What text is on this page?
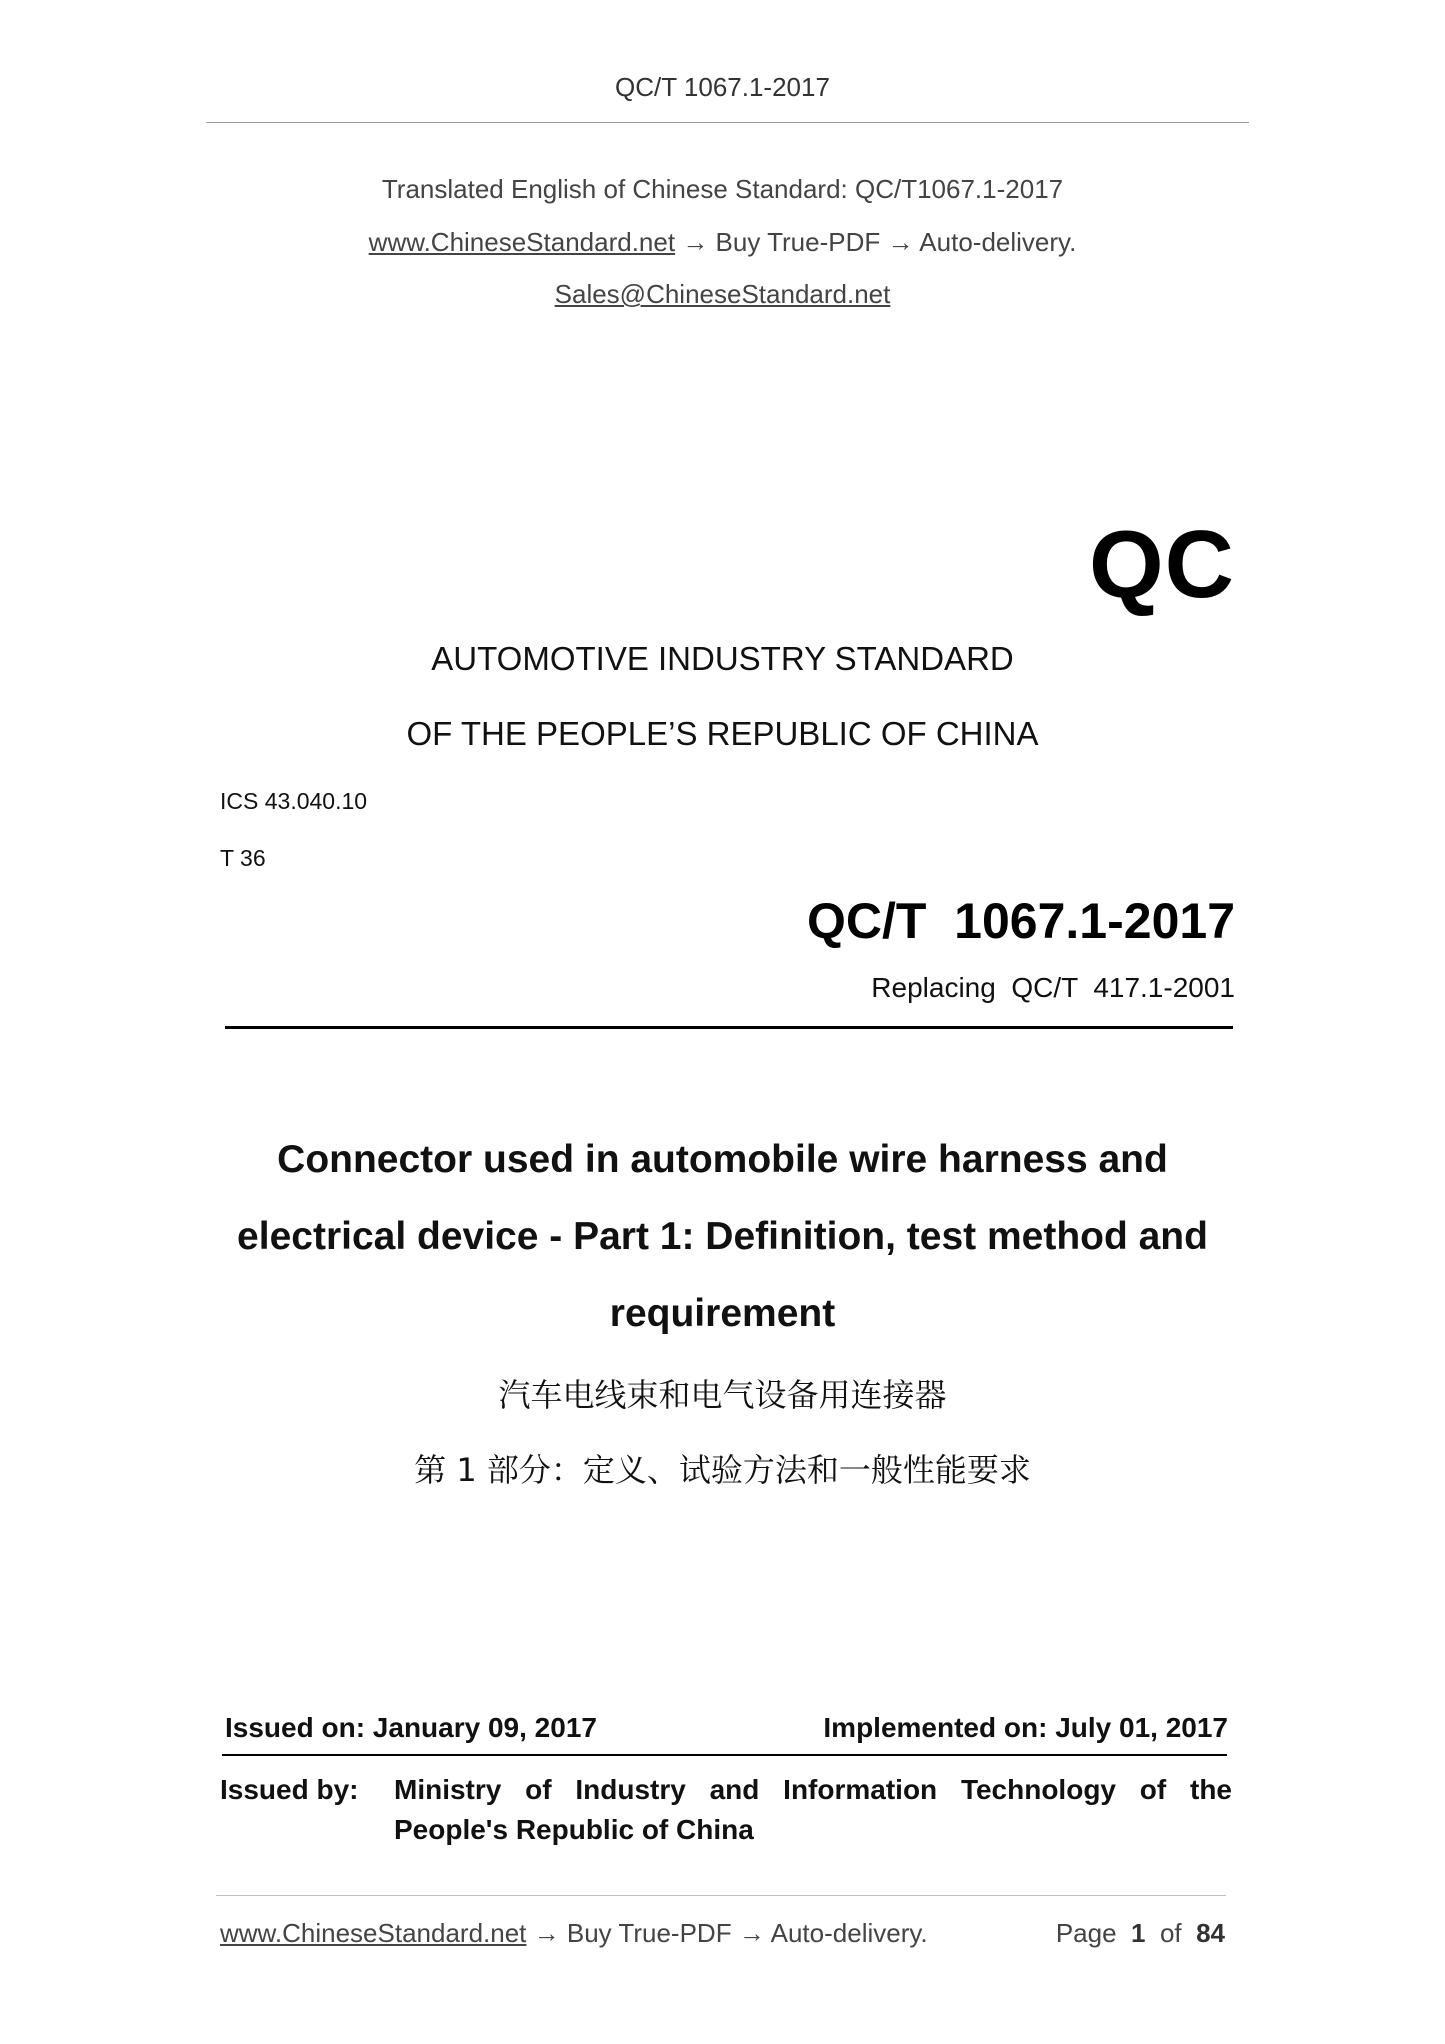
QC/T 1067.1-2017
Translated English of Chinese Standard: QC/T1067.1-2017
www.ChineseStandard.net → Buy True-PDF → Auto-delivery.
Sales@ChineseStandard.net
QC
AUTOMOTIVE INDUSTRY STANDARD
OF THE PEOPLE’S REPUBLIC OF CHINA
ICS 43.040.10
T 36
QC/T  1067.1-2017
Replacing  QC/T  417.1-2001
Connector used in automobile wire harness and
electrical device - Part 1: Definition, test method and
requirement
汽车电线束和电气设备用连接器
第 1 部分：定义、试验方法和一般性能要求
Issued on: January 09, 2017	Implemented on: July 01, 2017
Issued by: Ministry of Industry and Information Technology of the People's Republic of China
www.ChineseStandard.net → Buy True-PDF → Auto-delivery.	Page 1 of 84
